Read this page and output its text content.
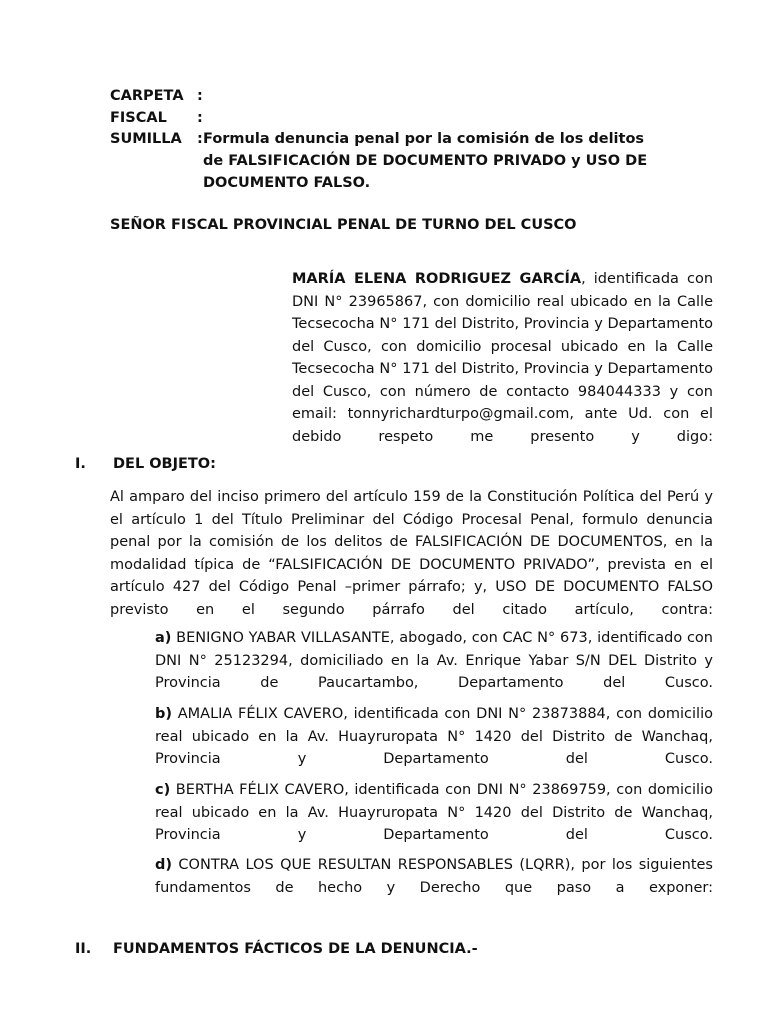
CARPETA :
FISCAL :
SUMILLA : Formula denuncia penal por la comisión de los delitos de FALSIFICACIÓN DE DOCUMENTO PRIVADO y USO DE DOCUMENTO FALSO.
SEÑOR FISCAL PROVINCIAL PENAL DE TURNO DEL CUSCO
MARÍA ELENA RODRIGUEZ GARCÍA, identificada con DNI N° 23965867, con domicilio real ubicado en la Calle Tecsecocha N° 171 del Distrito, Provincia y Departamento del Cusco, con domicilio procesal ubicado en la Calle Tecsecocha N° 171 del Distrito, Provincia y Departamento del Cusco, con número de contacto 984044333 y con email: tonnyrichardturpo@gmail.com, ante Ud. con el debido respeto me presento y digo:
I. DEL OBJETO:
Al amparo del inciso primero del artículo 159 de la Constitución Política del Perú y el artículo 1 del Título Preliminar del Código Procesal Penal, formulo denuncia penal por la comisión de los delitos de FALSIFICACIÓN DE DOCUMENTOS, en la modalidad típica de “FALSIFICACIÓN DE DOCUMENTO PRIVADO”, prevista en el artículo 427 del Código Penal –primer párrafo; y, USO DE DOCUMENTO FALSO previsto en el segundo párrafo del citado artículo, contra:
a) BENIGNO YABAR VILLASANTE, abogado, con CAC N° 673, identificado con DNI N° 25123294, domiciliado en la Av. Enrique Yabar S/N DEL Distrito y Provincia de Paucartambo, Departamento del Cusco.
b) AMALIA FÉLIX CAVERO, identificada con DNI N° 23873884, con domicilio real ubicado en la Av. Huayruropata N° 1420 del Distrito de Wanchaq, Provincia y Departamento del Cusco.
c) BERTHA FÉLIX CAVERO, identificada con DNI N° 23869759, con domicilio real ubicado en la Av. Huayruropata N° 1420 del Distrito de Wanchaq, Provincia y Departamento del Cusco.
d) CONTRA LOS QUE RESULTAN RESPONSABLES (LQRR), por los siguientes fundamentos de hecho y Derecho que paso a exponer:
II. FUNDAMENTOS FÁCTICOS DE LA DENUNCIA.-
